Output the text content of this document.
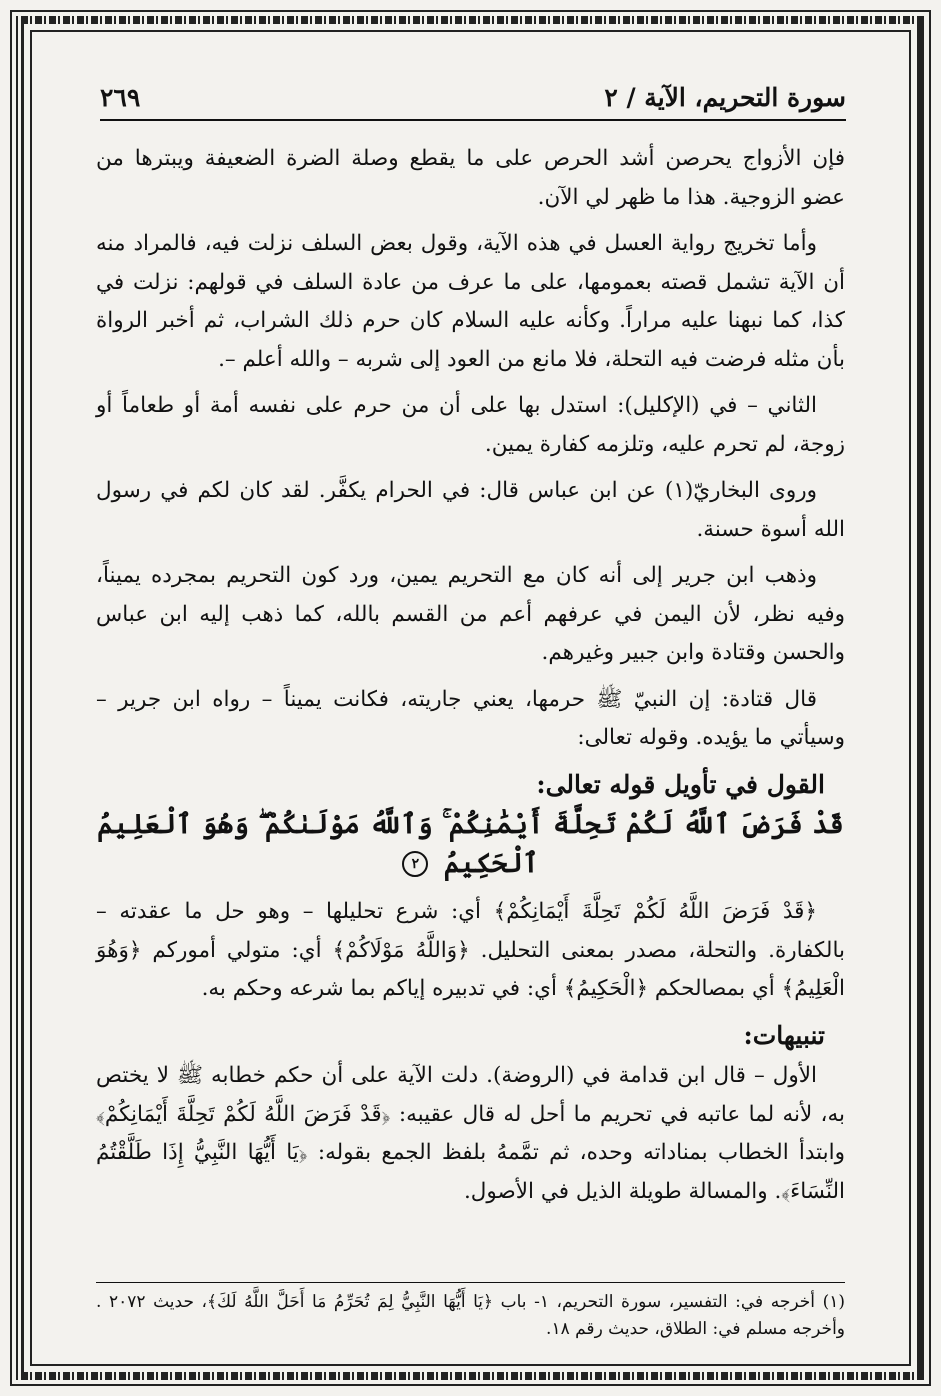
سورة التحريم، الآية / ٢
٢٦٩

فإن الأزواج يحرصن أشد الحرص على ما يقطع وصلة الضرة الضعيفة ويبترها من عضو الزوجية. هذا ما ظهر لي الآن.

وأما تخريج رواية العسل في هذه الآية، وقول بعض السلف نزلت فيه، فالمراد منه أن الآية تشمل قصته بعمومها، على ما عرف من عادة السلف في قولهم: نزلت في كذا، كما نبهنا عليه مراراً. وكأنه عليه السلام كان حرم ذلك الشراب، ثم أخبر الرواة بأن مثله فرضت فيه التحلة، فلا مانع من العود إلى شربه – والله أعلم –.

الثاني – في (الإكليل): استدل بها على أن من حرم على نفسه أمة أو طعاماً أو زوجة، لم تحرم عليه، وتلزمه كفارة يمين.

وروى البخاريّ(١) عن ابن عباس قال: في الحرام يكفَّر. لقد كان لكم في رسول الله أسوة حسنة.

وذهب ابن جرير إلى أنه كان مع التحريم يمين، ورد كون التحريم بمجرده يميناً، وفيه نظر، لأن اليمن في عرفهم أعم من القسم بالله، كما ذهب إليه ابن عباس والحسن وقتادة وابن جبير وغيرهم.

قال قتادة: إن النبيّ ﷺ حرمها، يعني جاريته، فكانت يميناً – رواه ابن جرير – وسيأتي ما يؤيده. وقوله تعالى:

القول في تأويل قوله تعالى:
قَدْ فَرَضَ ٱللَّهُ لَكُمْ تَحِلَّةَ أَيْمَٰنِكُمْ ۚ وَٱللَّهُ مَوْلَىٰكُمْ ۖ وَهُوَ ٱلْعَلِيمُ ٱلْحَكِيمُ ٢

﴿قَدْ فَرَضَ اللَّهُ لَكُمْ تَحِلَّةَ أَيْمَانِكُمْ﴾ أي: شرع تحليلها – وهو حل ما عقدته – بالكفارة. والتحلة، مصدر بمعنى التحليل. ﴿وَاللَّهُ مَوْلَاكُمْ﴾ أي: متولي أموركم ﴿وَهُوَ الْعَلِيمُ﴾ أي بمصالحكم ﴿الْحَكِيمُ﴾ أي: في تدبيره إياكم بما شرعه وحكم به.

تنبيهات:

الأول – قال ابن قدامة في (الروضة). دلت الآية على أن حكم خطابه ﷺ لا يختص به، لأنه لما عاتبه في تحريم ما أحل له قال عقيبه: ﴿قَدْ فَرَضَ اللَّهُ لَكُمْ تَحِلَّةَ أَيْمَانِكُمْ﴾ وابتدأ الخطاب بمناداته وحده، ثم تمَّمهُ بلفظ الجمع بقوله: ﴿يَا أَيُّهَا النَّبِيُّ إِذَا طَلَّقْتُمُ النِّسَاءَ﴾. والمسالة طويلة الذيل في الأصول.

(١) أخرجه في: التفسير، سورة التحريم، ١- باب ﴿يَا أَيُّهَا النَّبِيُّ لِمَ تُحَرِّمُ مَا أَحَلَّ اللَّهُ لَكَ﴾، حديث ٢٠٧٢ . وأخرجه مسلم في: الطلاق، حديث رقم ١٨.
